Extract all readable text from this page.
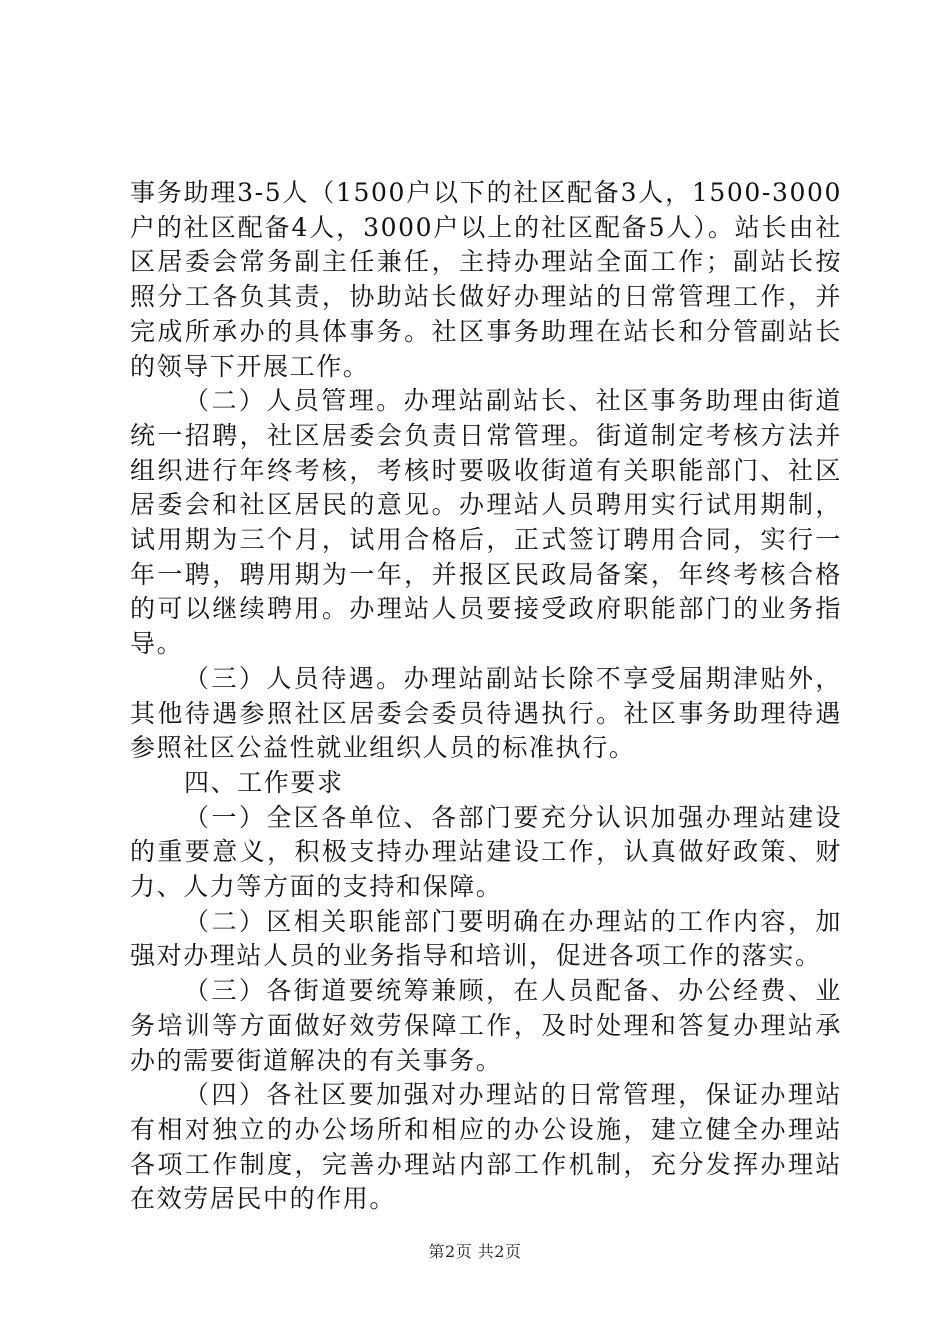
事务助理3-5人（1500户以下的社区配备3人，1500-3000户的社区配备4人，3000户以上的社区配备5人）。站长由社区居委会常务副主任兼任，主持办理站全面工作；副站长按照分工各负其责，协助站长做好办理站的日常管理工作，并完成所承办的具体事务。社区事务助理在站长和分管副站长的领导下开展工作。

（二）人员管理。办理站副站长、社区事务助理由街道统一招聘，社区居委会负责日常管理。街道制定考核方法并组织进行年终考核，考核时要吸收街道有关职能部门、社区居委会和社区居民的意见。办理站人员聘用实行试用期制，试用期为三个月，试用合格后，正式签订聘用合同，实行一年一聘，聘用期为一年，并报区民政局备案，年终考核合格的可以继续聘用。办理站人员要接受政府职能部门的业务指导。

（三）人员待遇。办理站副站长除不享受届期津贴外，其他待遇参照社区居委会委员待遇执行。社区事务助理待遇参照社区公益性就业组织人员的标准执行。

四、工作要求

（一）全区各单位、各部门要充分认识加强办理站建设的重要意义，积极支持办理站建设工作，认真做好政策、财力、人力等方面的支持和保障。

（二）区相关职能部门要明确在办理站的工作内容，加强对办理站人员的业务指导和培训，促进各项工作的落实。

（三）各街道要统筹兼顾，在人员配备、办公经费、业务培训等方面做好效劳保障工作，及时处理和答复办理站承办的需要街道解决的有关事务。

（四）各社区要加强对办理站的日常管理，保证办理站有相对独立的办公场所和相应的办公设施，建立健全办理站各项工作制度，完善办理站内部工作机制，充分发挥办理站在效劳居民中的作用。

第2页 共2页
